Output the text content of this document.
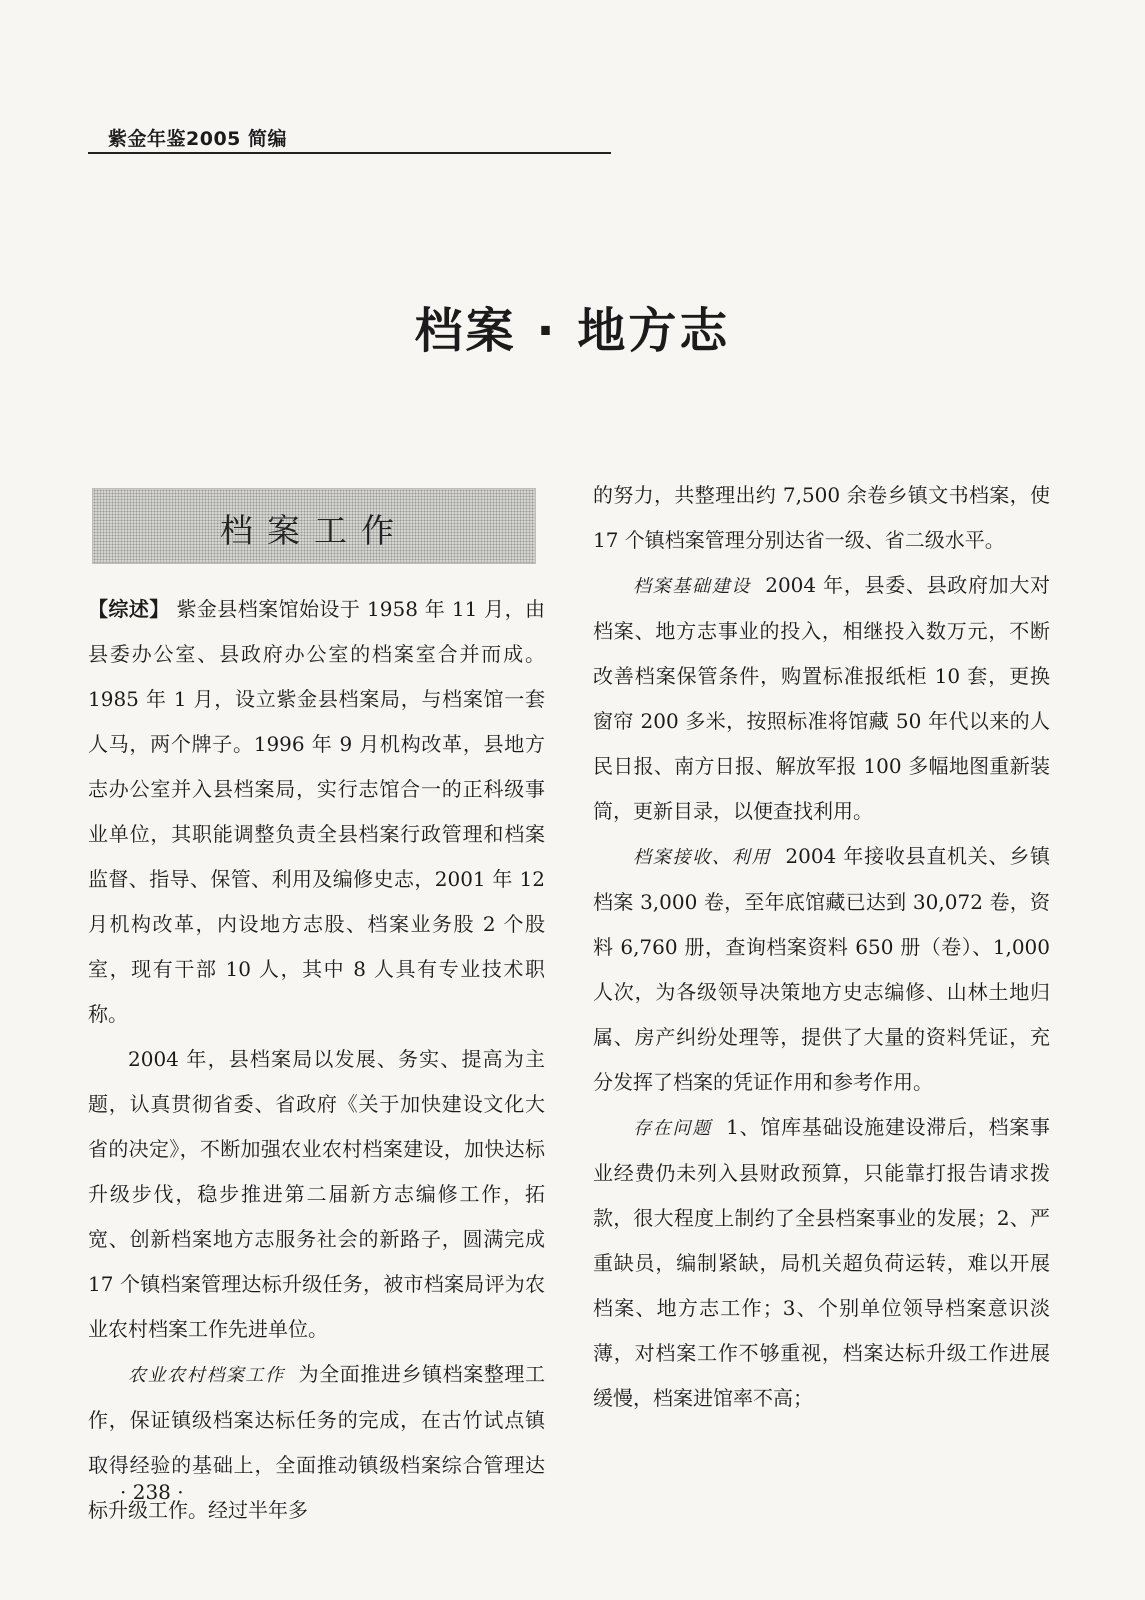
紫金年鉴2005 简编
档案 · 地方志
档案工作

【综述】 紫金县档案馆始设于 1958 年 11 月，由县委办公室、县政府办公室的档案室合并而成。1985 年 1 月，设立紫金县档案局，与档案馆一套人马，两个牌子。1996 年 9 月机构改革，县地方志办公室并入县档案局，实行志馆合一的正科级事业单位，其职能调整负责全县档案行政管理和档案监督、指导、保管、利用及编修史志，2001 年 12 月机构改革，内设地方志股、档案业务股 2 个股室，现有干部 10 人，其中 8 人具有专业技术职称。

2004 年，县档案局以发展、务实、提高为主题，认真贯彻省委、省政府《关于加快建设文化大省的决定》，不断加强农业农村档案建设，加快达标升级步伐，稳步推进第二届新方志编修工作，拓宽、创新档案地方志服务社会的新路子，圆满完成 17 个镇档案管理达标升级任务，被市档案局评为农业农村档案工作先进单位。

农业农村档案工作 为全面推进乡镇档案整理工作，保证镇级档案达标任务的完成，在古竹试点镇取得经验的基础上，全面推动镇级档案综合管理达标升级工作。经过半年多

的努力，共整理出约 7,500 余卷乡镇文书档案，使 17 个镇档案管理分别达省一级、省二级水平。

档案基础建设 2004 年，县委、县政府加大对档案、地方志事业的投入，相继投入数万元，不断改善档案保管条件，购置标准报纸柜 10 套，更换窗帘 200 多米，按照标准将馆藏 50 年代以来的人民日报、南方日报、解放军报 100 多幅地图重新装筒，更新目录，以便查找利用。

档案接收、利用 2004 年接收县直机关、乡镇档案 3,000 卷，至年底馆藏已达到 30,072 卷，资料 6,760 册，查询档案资料 650 册（卷）、1,000 人次，为各级领导决策地方史志编修、山林土地归属、房产纠纷处理等，提供了大量的资料凭证，充分发挥了档案的凭证作用和参考作用。

存在问题 1、馆库基础设施建设滞后，档案事业经费仍未列入县财政预算，只能靠打报告请求拨款，很大程度上制约了全县档案事业的发展；2、严重缺员，编制紧缺，局机关超负荷运转，难以开展档案、地方志工作；3、个别单位领导档案意识淡薄，对档案工作不够重视，档案达标升级工作进展缓慢，档案进馆率不高；

· 238 ·
